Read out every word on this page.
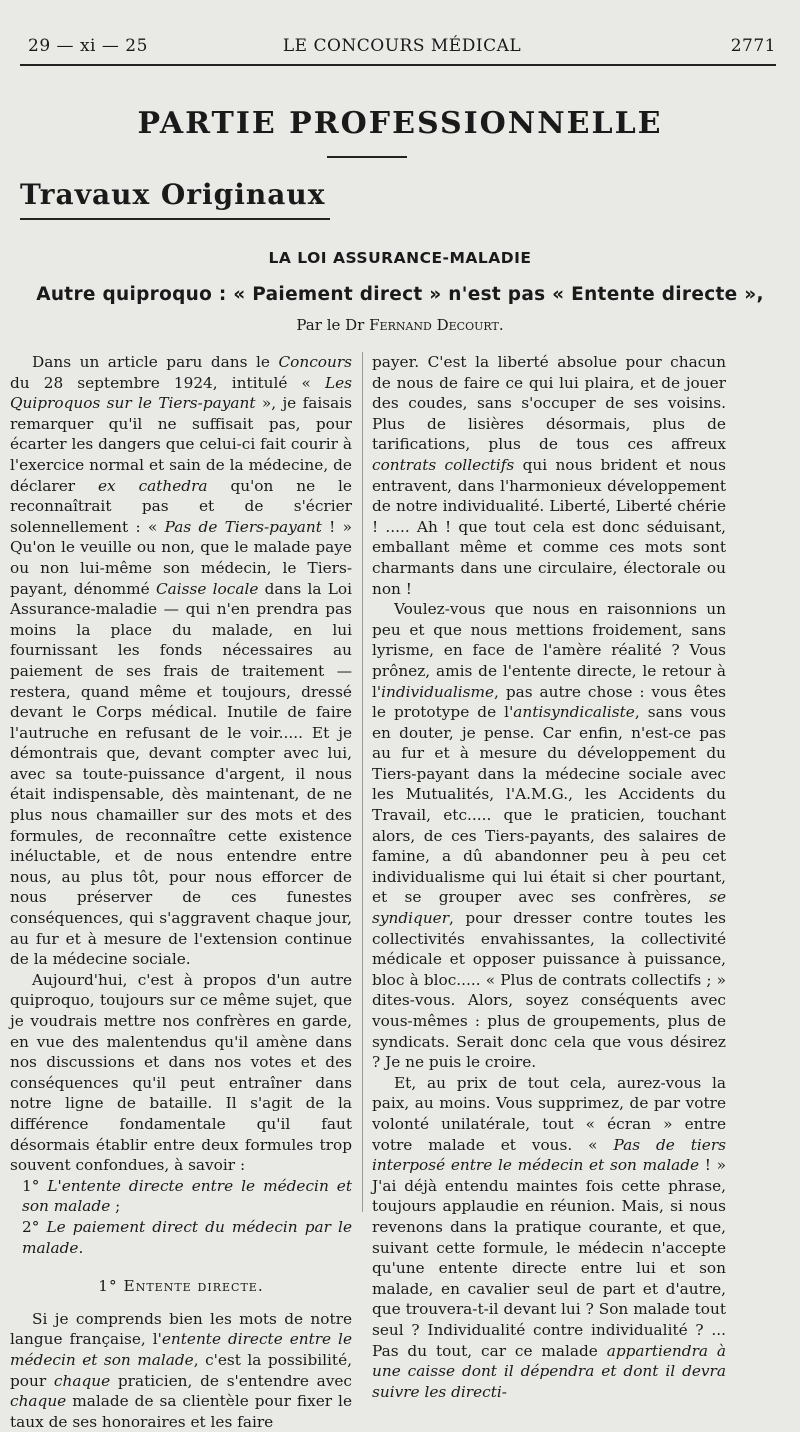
29 — xi — 25	LE CONCOURS MÉDICAL	2771
PARTIE PROFESSIONNELLE
Travaux Originaux
LA LOI ASSURANCE-MALADIE
Autre quiproquo : « Paiement direct » n'est pas « Entente directe »,
Par le Dr Fernand Decourt.

Dans un article paru dans le Concours du 28 septembre 1924, intitulé « Les Quiproquos sur le Tiers-payant », je faisais remarquer qu'il ne suffisait pas, pour écarter les dangers que celui-ci fait courir à l'exercice normal et sain de la médecine, de déclarer ex cathedra qu'on ne le reconnaîtrait pas et de s'écrier solennellement : « Pas de Tiers-payant ! » Qu'on le veuille ou non, que le malade paye ou non lui-même son médecin, le Tiers-payant, dénommé Caisse locale dans la Loi Assurance-maladie — qui n'en prendra pas moins la place du malade, en lui fournissant les fonds nécessaires au paiement de ses frais de traitement — restera, quand même et toujours, dressé devant le Corps médical. Inutile de faire l'autruche en refusant de le voir..... Et je démontrais que, devant compter avec lui, avec sa toute-puissance d'argent, il nous était indispensable, dès maintenant, de ne plus nous chamailler sur des mots et des formules, de reconnaître cette existence inéluctable, et de nous entendre entre nous, au plus tôt, pour nous efforcer de nous préserver de ces funestes conséquences, qui s'aggravent chaque jour, au fur et à mesure de l'extension continue de la médecine sociale.

Aujourd'hui, c'est à propos d'un autre quiproquo, toujours sur ce même sujet, que je voudrais mettre nos confrères en garde, en vue des malentendus qu'il amène dans nos discussions et dans nos votes et des conséquences qu'il peut entraîner dans notre ligne de bataille. Il s'agit de la différence fondamentale qu'il faut désormais établir entre deux formules trop souvent confondues, à savoir :

1° L'entente directe entre le médecin et son malade ;

2° Le paiement direct du médecin par le malade.

1° Entente directe.

Si je comprends bien les mots de notre langue française, l'entente directe entre le médecin et son malade, c'est la possibilité, pour chaque praticien, de s'entendre avec chaque malade de sa clientèle pour fixer le taux de ses honoraires et les faire

payer. C'est la liberté absolue pour chacun de nous de faire ce qui lui plaira, et de jouer des coudes, sans s'occuper de ses voisins. Plus de lisières désormais, plus de tarifications, plus de tous ces affreux contrats collectifs qui nous brident et nous entravent, dans l'harmonieux développement de notre individualité. Liberté, Liberté chérie ! ..... Ah ! que tout cela est donc séduisant, emballant même et comme ces mots sont charmants dans une circulaire, électorale ou non !

Voulez-vous que nous en raisonnions un peu et que nous mettions froidement, sans lyrisme, en face de l'amère réalité ? Vous prônez, amis de l'entente directe, le retour à l'individualisme, pas autre chose : vous êtes le prototype de l'antisyndicaliste, sans vous en douter, je pense. Car enfin, n'est-ce pas au fur et à mesure du développement du Tiers-payant dans la médecine sociale avec les Mutualités, l'A.M.G., les Accidents du Travail, etc..... que le praticien, touchant alors, de ces Tiers-payants, des salaires de famine, a dû abandonner peu à peu cet individualisme qui lui était si cher pourtant, et se grouper avec ses confrères, se syndiquer, pour dresser contre toutes les collectivités envahissantes, la collectivité médicale et opposer puissance à puissance, bloc à bloc..... « Plus de contrats collectifs ; » dites-vous. Alors, soyez conséquents avec vous-mêmes : plus de groupements, plus de syndicats. Serait donc cela que vous désirez ? Je ne puis le croire.

Et, au prix de tout cela, aurez-vous la paix, au moins. Vous supprimez, de par votre volonté unilatérale, tout « écran » entre votre malade et vous. « Pas de tiers interposé entre le médecin et son malade ! » J'ai déjà entendu maintes fois cette phrase, toujours applaudie en réunion. Mais, si nous revenons dans la pratique courante, et que, suivant cette formule, le médecin n'accepte qu'une entente directe entre lui et son malade, en cavalier seul de part et d'autre, que trouvera-t-il devant lui ? Son malade tout seul ? Individualité contre individualité ? ... Pas du tout, car ce malade appartiendra à une caisse dont il dépendra et dont il devra suivre les directi-
